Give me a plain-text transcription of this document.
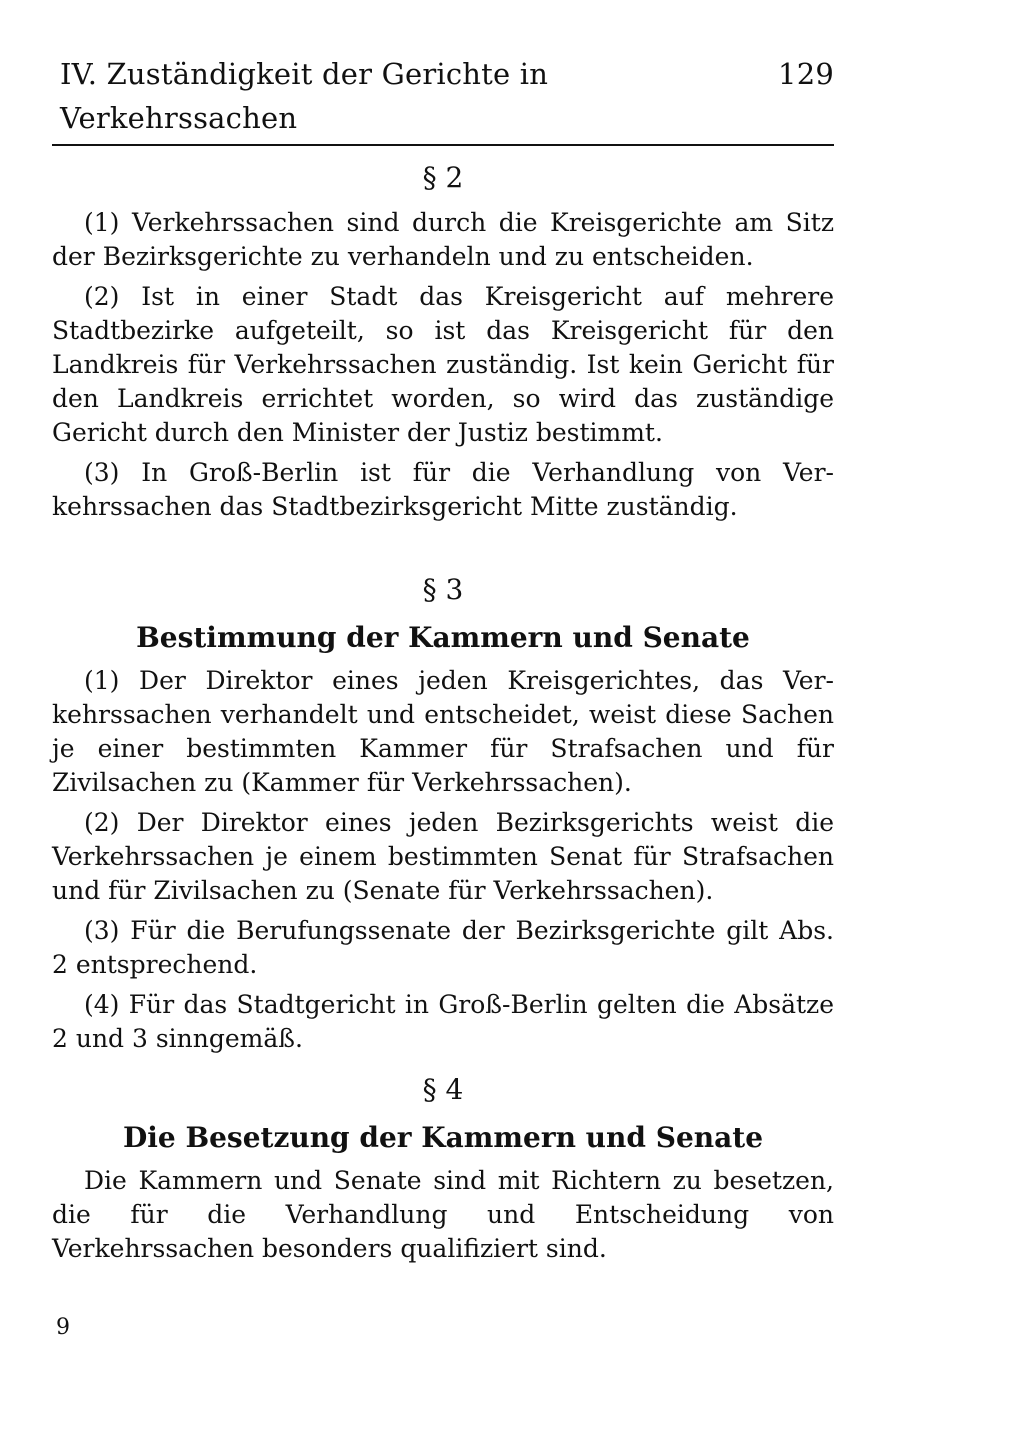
IV. Zuständigkeit der Gerichte in Verkehrssachen
129

§ 2

(1) Verkehrssachen sind durch die Kreisgerichte am Sitz der Bezirksgerichte zu verhandeln und zu entscheiden.

(2) Ist in einer Stadt das Kreisgericht auf mehrere Stadtbezirke aufgeteilt, so ist das Kreisgericht für den Landkreis für Verkehrssachen zuständig. Ist kein Gericht für den Landkreis errichtet worden, so wird das zuständige Gericht durch den Minister der Justiz bestimmt.

(3) In Groß-Berlin ist für die Verhandlung von Verkehrssachen das Stadtbezirksgericht Mitte zuständig.

§ 3

Bestimmung der Kammern und Senate

(1) Der Direktor eines jeden Kreisgerichtes, das Verkehrssachen verhandelt und entscheidet, weist diese Sachen je einer bestimmten Kammer für Strafsachen und für Zivilsachen zu (Kammer für Verkehrssachen).

(2) Der Direktor eines jeden Bezirksgerichts weist die Verkehrssachen je einem bestimmten Senat für Strafsachen und für Zivilsachen zu (Senate für Verkehrssachen).

(3) Für die Berufungssenate der Bezirksgerichte gilt Abs. 2 entsprechend.

(4) Für das Stadtgericht in Groß-Berlin gelten die Absätze 2 und 3 sinngemäß.

§ 4

Die Besetzung der Kammern und Senate

Die Kammern und Senate sind mit Richtern zu besetzen, die für die Verhandlung und Entscheidung von Verkehrssachen besonders qualifiziert sind.

9
